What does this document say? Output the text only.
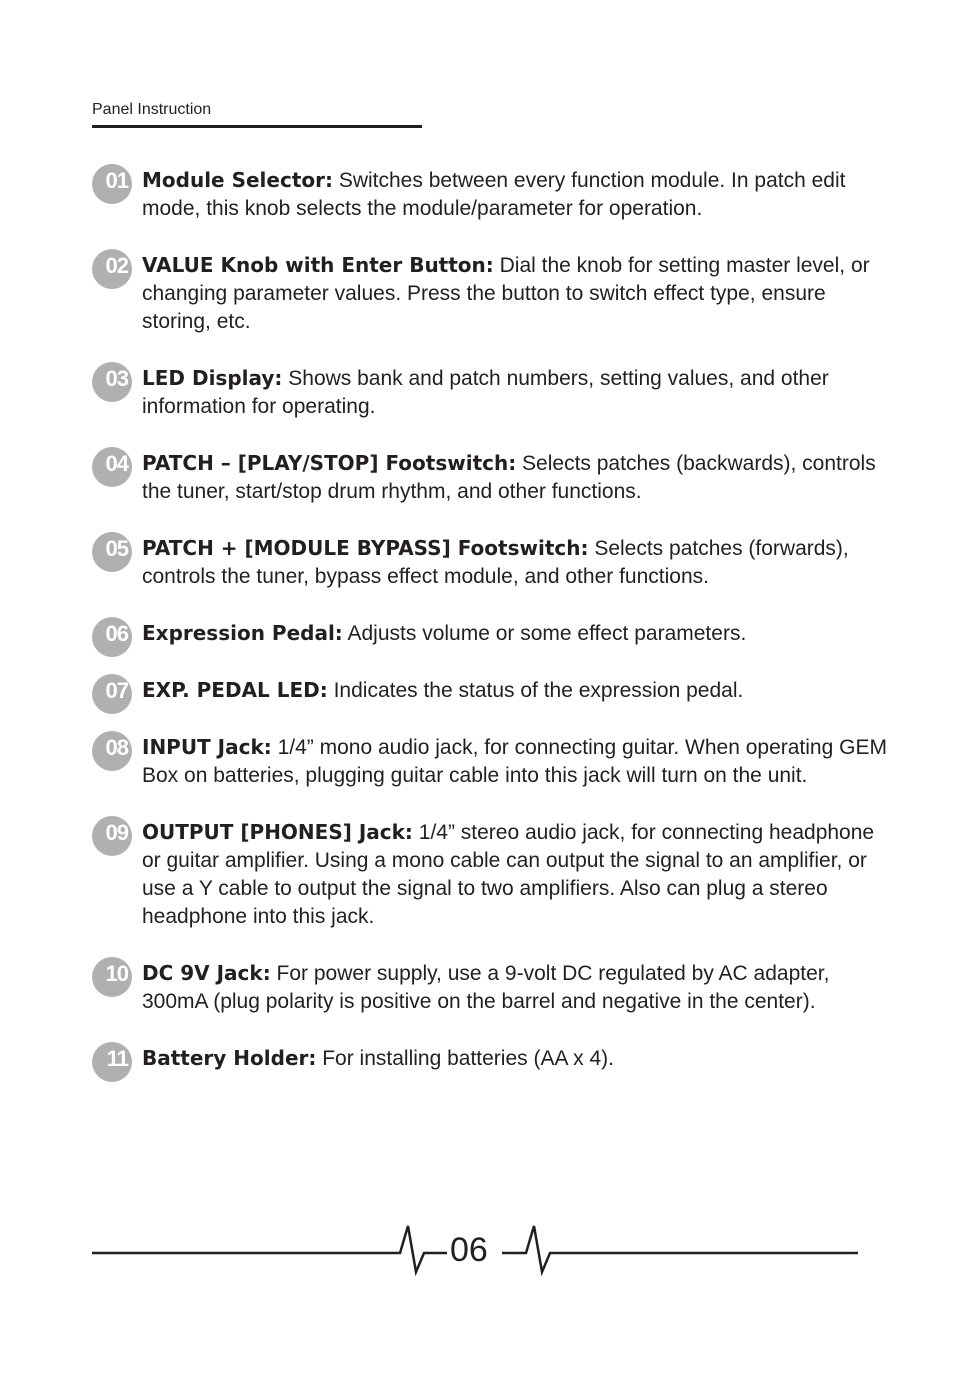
Panel Instruction
01 Module Selector: Switches between every function module. In patch edit mode, this knob selects the module/parameter for operation.
02 VALUE Knob with Enter Button: Dial the knob for setting master level, or changing parameter values. Press the button to switch effect type, ensure storing, etc.
03 LED Display: Shows bank and patch numbers, setting values, and other information for operating.
04 PATCH – [PLAY/STOP] Footswitch: Selects patches (backwards), controls the tuner, start/stop drum rhythm, and other functions.
05 PATCH + [MODULE BYPASS] Footswitch: Selects patches (forwards), controls the tuner, bypass effect module, and other functions.
06 Expression Pedal: Adjusts volume or some effect parameters.
07 EXP. PEDAL LED: Indicates the status of the expression pedal.
08 INPUT Jack: 1/4” mono audio jack, for connecting guitar. When operating GEM Box on batteries, plugging guitar cable into this jack will turn on the unit.
09 OUTPUT [PHONES] Jack: 1/4” stereo audio jack, for connecting headphone or guitar amplifier. Using a mono cable can output the signal to an amplifier, or use a Y cable to output the signal to two amplifiers. Also can plug a stereo headphone into this jack.
10 DC 9V Jack: For power supply, use a 9-volt DC regulated by AC adapter, 300mA (plug polarity is positive on the barrel and negative in the center).
11 Battery Holder: For installing batteries (AA x 4).
06
